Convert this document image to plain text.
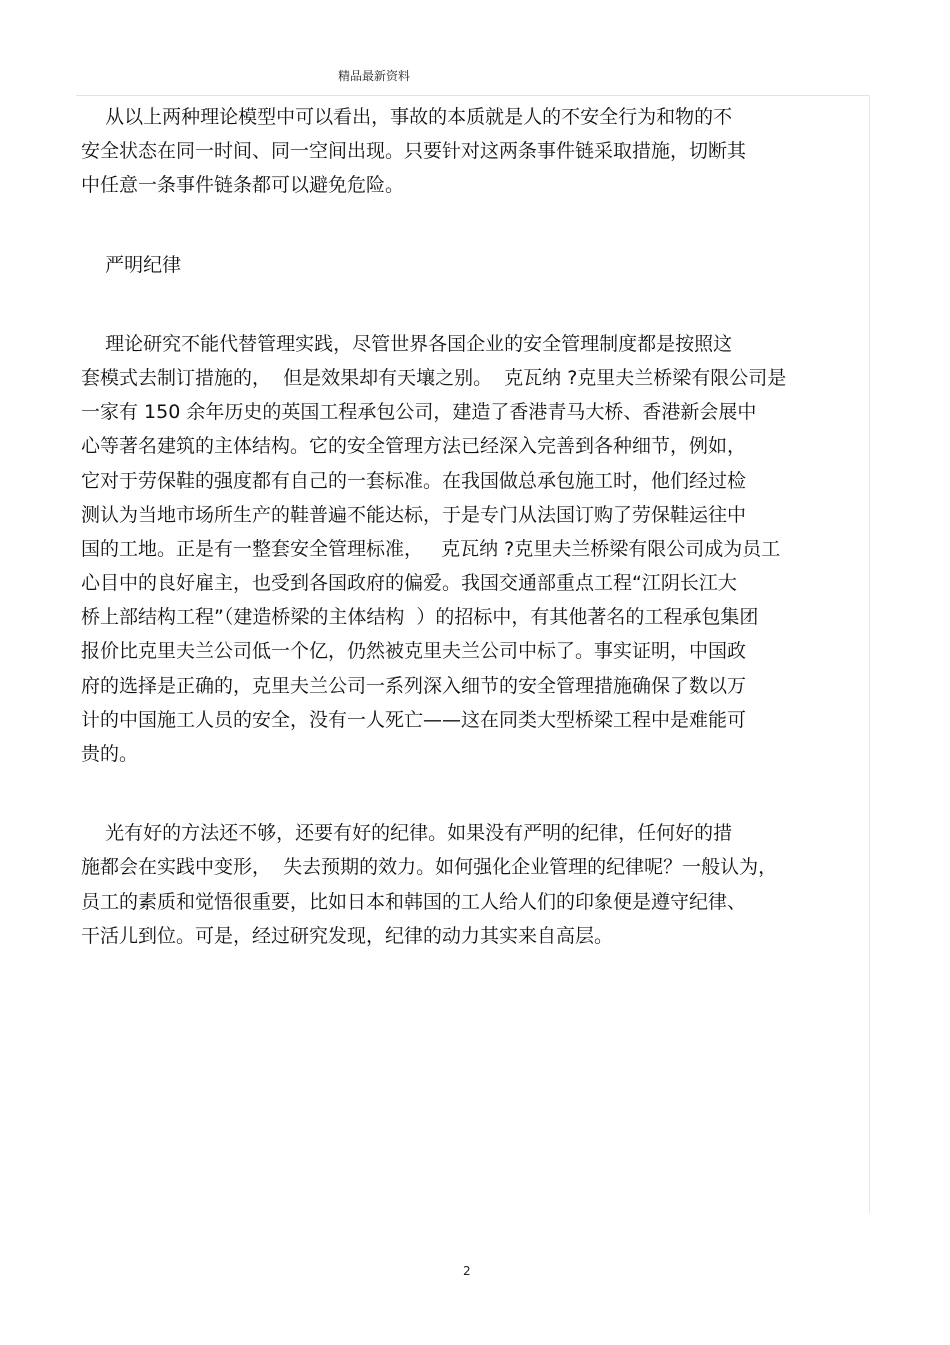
精品最新资料
从以上两种理论模型中可以看出，事故的本质就是人的不安全行为和物的不
安全状态在同一时间、同一空间出现。只要针对这两条事件链采取措施，切断其
中任意一条事件链条都可以避免危险。
严明纪律
理论研究不能代替管理实践，尽管世界各国企业的安全管理制度都是按照这
套模式去制订措施的，  但是效果却有天壤之别。  克瓦纳 ?克里夫兰桥梁有限公司是
一家有 150 余年历史的英国工程承包公司，建造了香港青马大桥、香港新会展中
心等著名建筑的主体结构。它的安全管理方法已经深入完善到各种细节，例如，
它对于劳保鞋的强度都有自己的一套标准。在我国做总承包施工时，他们经过检
测认为当地市场所生产的鞋普遍不能达标，于是专门从法国订购了劳保鞋运往中
国的工地。正是有一整套安全管理标准，   克瓦纳 ?克里夫兰桥梁有限公司成为员工
心目中的良好雇主，也受到各国政府的偏爱。我国交通部重点工程“江阴长江大
桥上部结构工程”（建造桥梁的主体结构  ）的招标中，有其他著名的工程承包集团
报价比克里夫兰公司低一个亿，仍然被克里夫兰公司中标了。事实证明，中国政
府的选择是正确的，克里夫兰公司一系列深入细节的安全管理措施确保了数以万
计的中国施工人员的安全，没有一人死亡——这在同类大型桥梁工程中是难能可
贵的。
光有好的方法还不够，还要有好的纪律。如果没有严明的纪律，任何好的措
施都会在实践中变形，  失去预期的效力。如何强化企业管理的纪律呢？一般认为，
员工的素质和觉悟很重要，比如日本和韩国的工人给人们的印象便是遵守纪律、
干活儿到位。可是，经过研究发现，纪律的动力其实来自高层。
2
